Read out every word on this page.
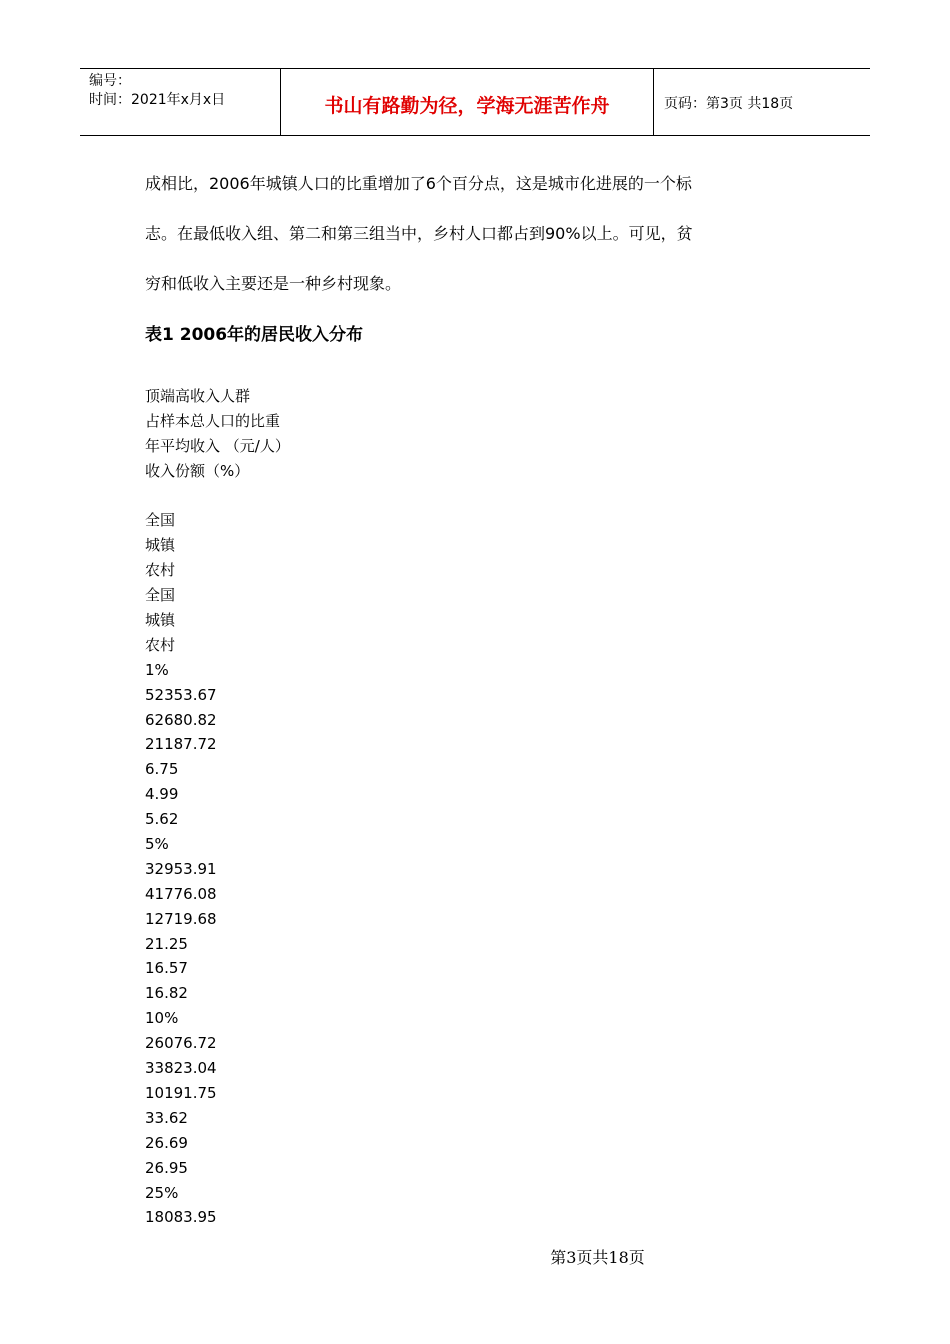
编号：
时间：2021年x月x日	书山有路勤为径，学海无涯苦作舟	页码：第3页 共18页
成相比，2006年城镇人口的比重增加了6个百分点，这是城市化进展的一个标
志。在最低收入组、第二和第三组当中，乡村人口都占到90%以上。可见，贫
穷和低收入主要还是一种乡村现象。
表1 2006年的居民收入分布
顶端高收入人群
占样本总人口的比重
年平均收入 （元/人）
收入份额（%）
全国
城镇
农村
全国
城镇
农村
1%
52353.67
62680.82
21187.72
6.75
4.99
5.62
5%
32953.91
41776.08
12719.68
21.25
16.57
16.82
10%
26076.72
33823.04
10191.75
33.62
26.69
26.95
25%
18083.95
第3页共18页
